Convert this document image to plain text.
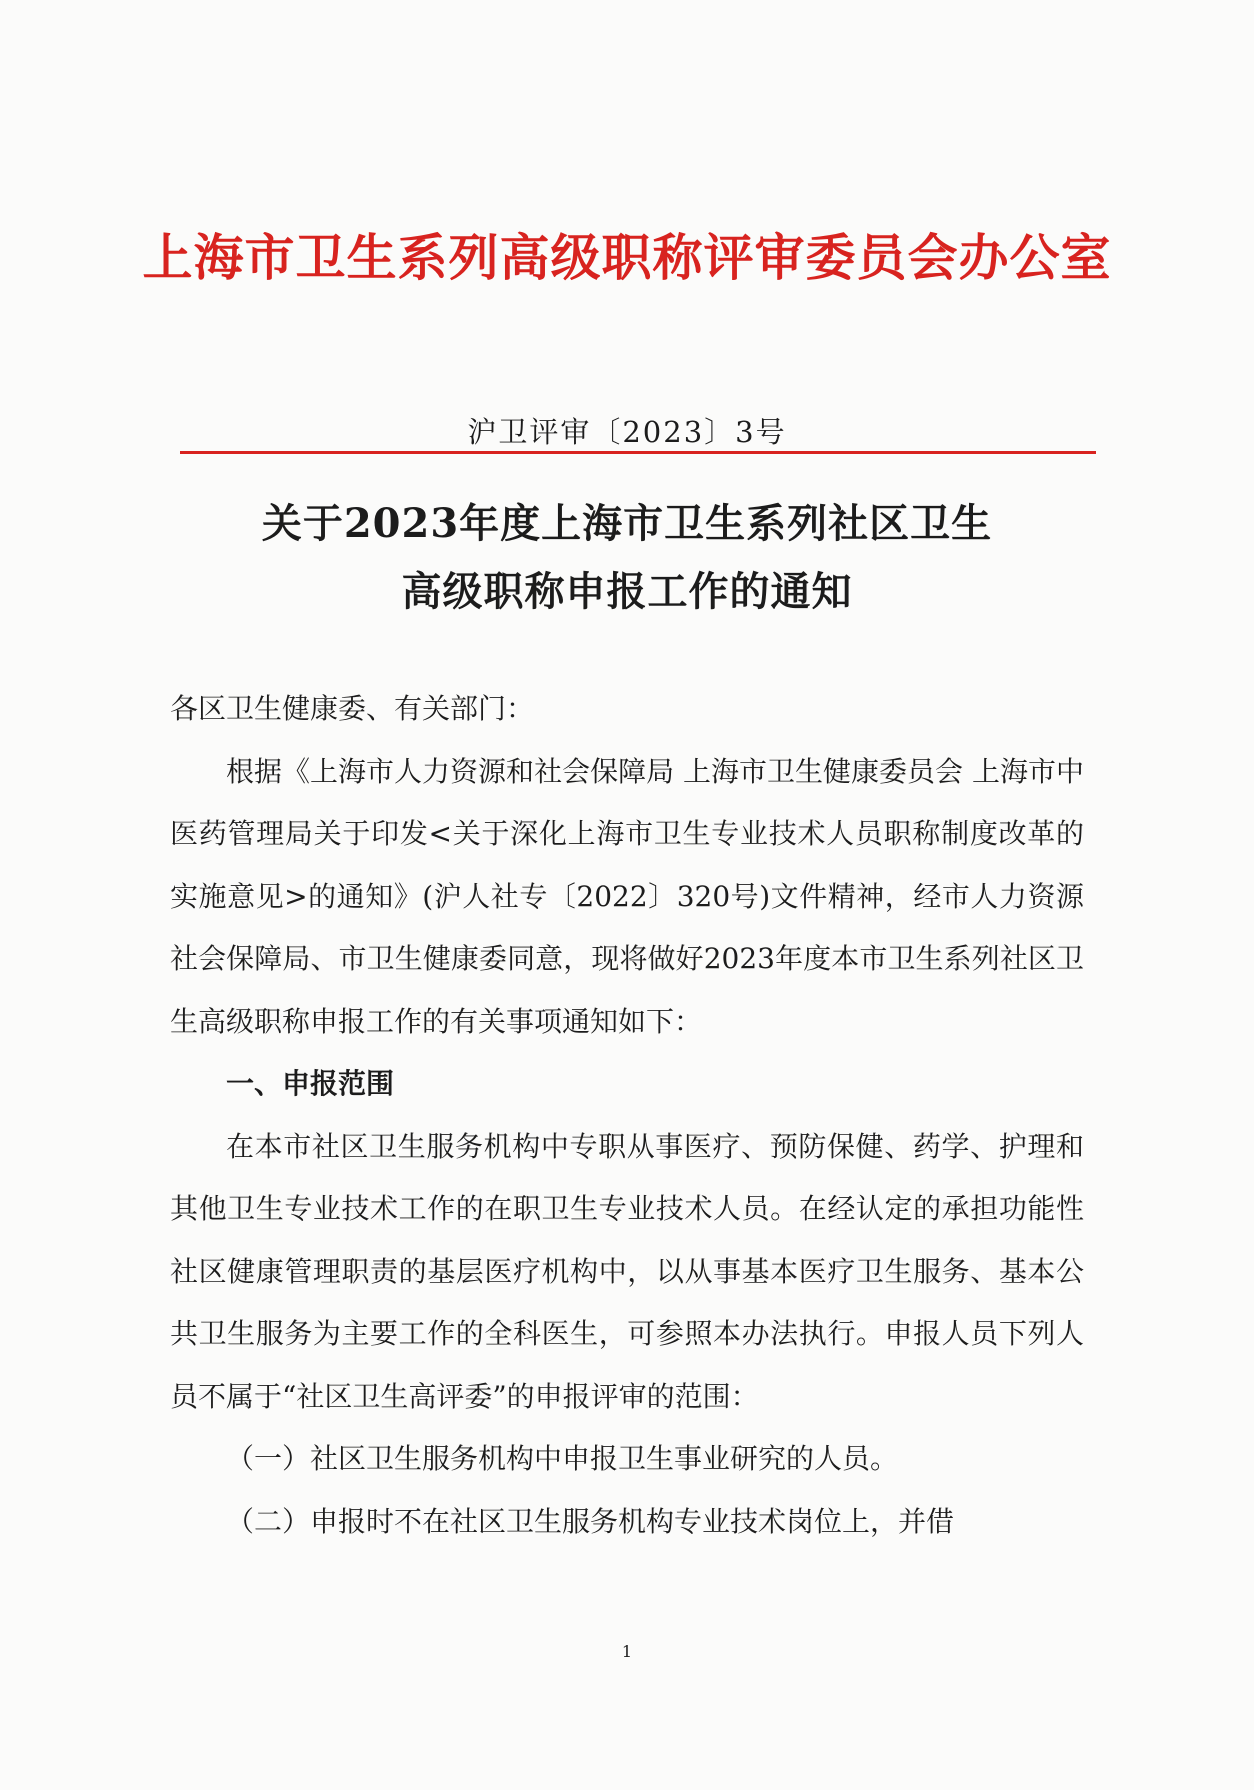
上海市卫生系列高级职称评审委员会办公室
沪卫评审〔2023〕3号
关于2023年度上海市卫生系列社区卫生
高级职称申报工作的通知

各区卫生健康委、有关部门：

根据《上海市人力资源和社会保障局 上海市卫生健康委员会 上海市中医药管理局关于印发<关于深化上海市卫生专业技术人员职称制度改革的实施意见>的通知》(沪人社专〔2022〕320号)文件精神，经市人力资源社会保障局、市卫生健康委同意，现将做好2023年度本市卫生系列社区卫生高级职称申报工作的有关事项通知如下：

一、申报范围

在本市社区卫生服务机构中专职从事医疗、预防保健、药学、护理和其他卫生专业技术工作的在职卫生专业技术人员。在经认定的承担功能性社区健康管理职责的基层医疗机构中，以从事基本医疗卫生服务、基本公共卫生服务为主要工作的全科医生，可参照本办法执行。申报人员下列人员不属于“社区卫生高评委”的申报评审的范围：

（一）社区卫生服务机构中申报卫生事业研究的人员。

（二）申报时不在社区卫生服务机构专业技术岗位上，并借

1
